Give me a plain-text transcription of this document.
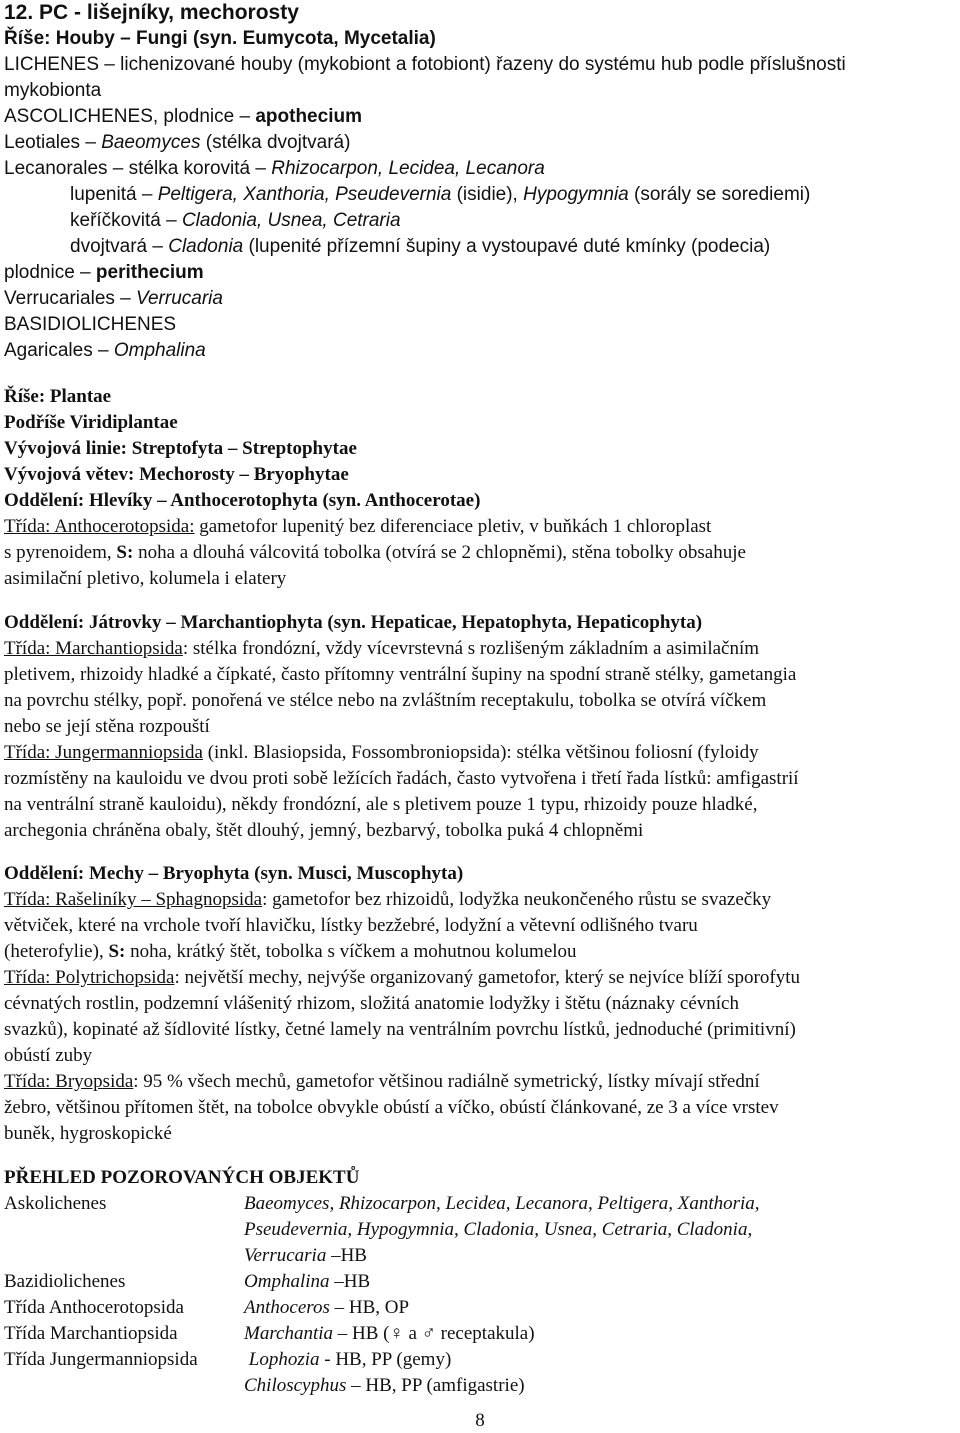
12. PC - lišejníky, mechorosty
Říše: Houby – Fungi (syn. Eumycota, Mycetalia)
LICHENES – lichenizované houby (mykobiont a fotobiont) řazeny do systému hub podle příslušnosti
mykobionta
ASCOLICHENES, plodnice – apothecium
Leotiales – Baeomyces (stélka dvojtvará)
Lecanorales – stélka korovitá – Rhizocarpon, Lecidea, Lecanora
lupenitá – Peltigera, Xanthoria, Pseudevernia (isidie), Hypogymnia (sorály se sorediemi)
keříčkovitá – Cladonia, Usnea, Cetraria
dvojtvará – Cladonia (lupenité přízemní šupiny a vystoupavé duté kmínky (podecia)
plodnice – perithecium
Verrucariales – Verrucaria
BASIDIOLICHENES
Agaricales – Omphalina
Říše: Plantae
Podříše Viridiplantae
Vývojová linie: Streptofyta – Streptophytae
Vývojová větev: Mechorosty – Bryophytae
Oddělení: Hlevíky – Anthocerotophyta (syn. Anthocerotae)
Třída: Anthocerotopsida: gametofor lupenitý bez diferenciace pletiv, v buňkách 1 chloroplast
s pyrenoidem, S: noha a dlouhá válcovitá tobolka (otvírá se 2 chlopněmi), stěna tobolky obsahuje
asimilační pletivo, kolumela i elatery
Oddělení: Játrovky – Marchantiophyta (syn. Hepaticae, Hepatophyta, Hepaticophyta)
Třída: Marchantiopsida: stélka frondózní, vždy vícevrstevná s rozlišeným základním a asimilačním
pletivem, rhizoidy hladké a čípkaté, často přítomny ventrální šupiny na spodní straně stélky, gametangia
na povrchu stélky, popř. ponořená ve stélce nebo na zvláštním receptakulu, tobolka se otvírá víčkem
nebo se její stěna rozpouští
Třída: Jungermanniopsida (inkl. Blasiopsida, Fossombroniopsida): stélka většinou foliosní (fyloidy
rozmístěny na kauloidu ve dvou proti sobě ležících řadách, často vytvořena i třetí řada lístků: amfigastrií
na ventrální straně kauloidu), někdy frondózní, ale s pletivem pouze 1 typu, rhizoidy pouze hladké,
archegonia chráněna obaly, štět dlouhý, jemný, bezbarvý, tobolka puká 4 chlopněmi
Oddělení: Mechy – Bryophyta (syn. Musci, Muscophyta)
Třída: Rašeliníky – Sphagnopsida: gametofor bez rhizoidů, lodyžka neukončeného růstu se svazečky
větviček, které na vrchole tvoří hlavičku, lístky bezžebré, lodyžní a větevní odlišného tvaru
(heterofylie), S: noha, krátký štět, tobolka s víčkem a mohutnou kolumelou
Třída: Polytrichopsida: největší mechy, nejvýše organizovaný gametofor, který se nejvíce blíží sporofytu
cévnatých rostlin, podzemní vlášenitý rhizom, složitá anatomie lodyžky i štětu (náznaky cévních
svazků), kopinaté až šídlovité lístky, četné lamely na ventrálním povrchu lístků, jednoduché (primitivní)
obústí zuby
Třída: Bryopsida: 95 % všech mechů, gametofor většinou radiálně symetrický, lístky mívají střední
žebro, většinou přítomen štět, na tobolce obvykle obústí a víčko, obústí článkované, ze 3 a více vrstev
buněk, hygroskopické
PŘEHLED POZOROVANÝCH OBJEKTŮ
Askolichenes	Baeomyces, Rhizocarpon, Lecidea, Lecanora, Peltigera, Xanthoria,
Pseudevernia, Hypogymnia, Cladonia, Usnea, Cetraria, Cladonia,
Verrucaria –HB
Bazidiolichenes	Omphalina –HB
Třída Anthocerotopsida	Anthoceros – HB, OP
Třída Marchantiopsida	Marchantia – HB (♀ a ♂ receptakula)
Třída Jungermanniopsida	Lophozia - HB, PP (gemy)
Chiloscyphus – HB, PP (amfigastrie)
8
